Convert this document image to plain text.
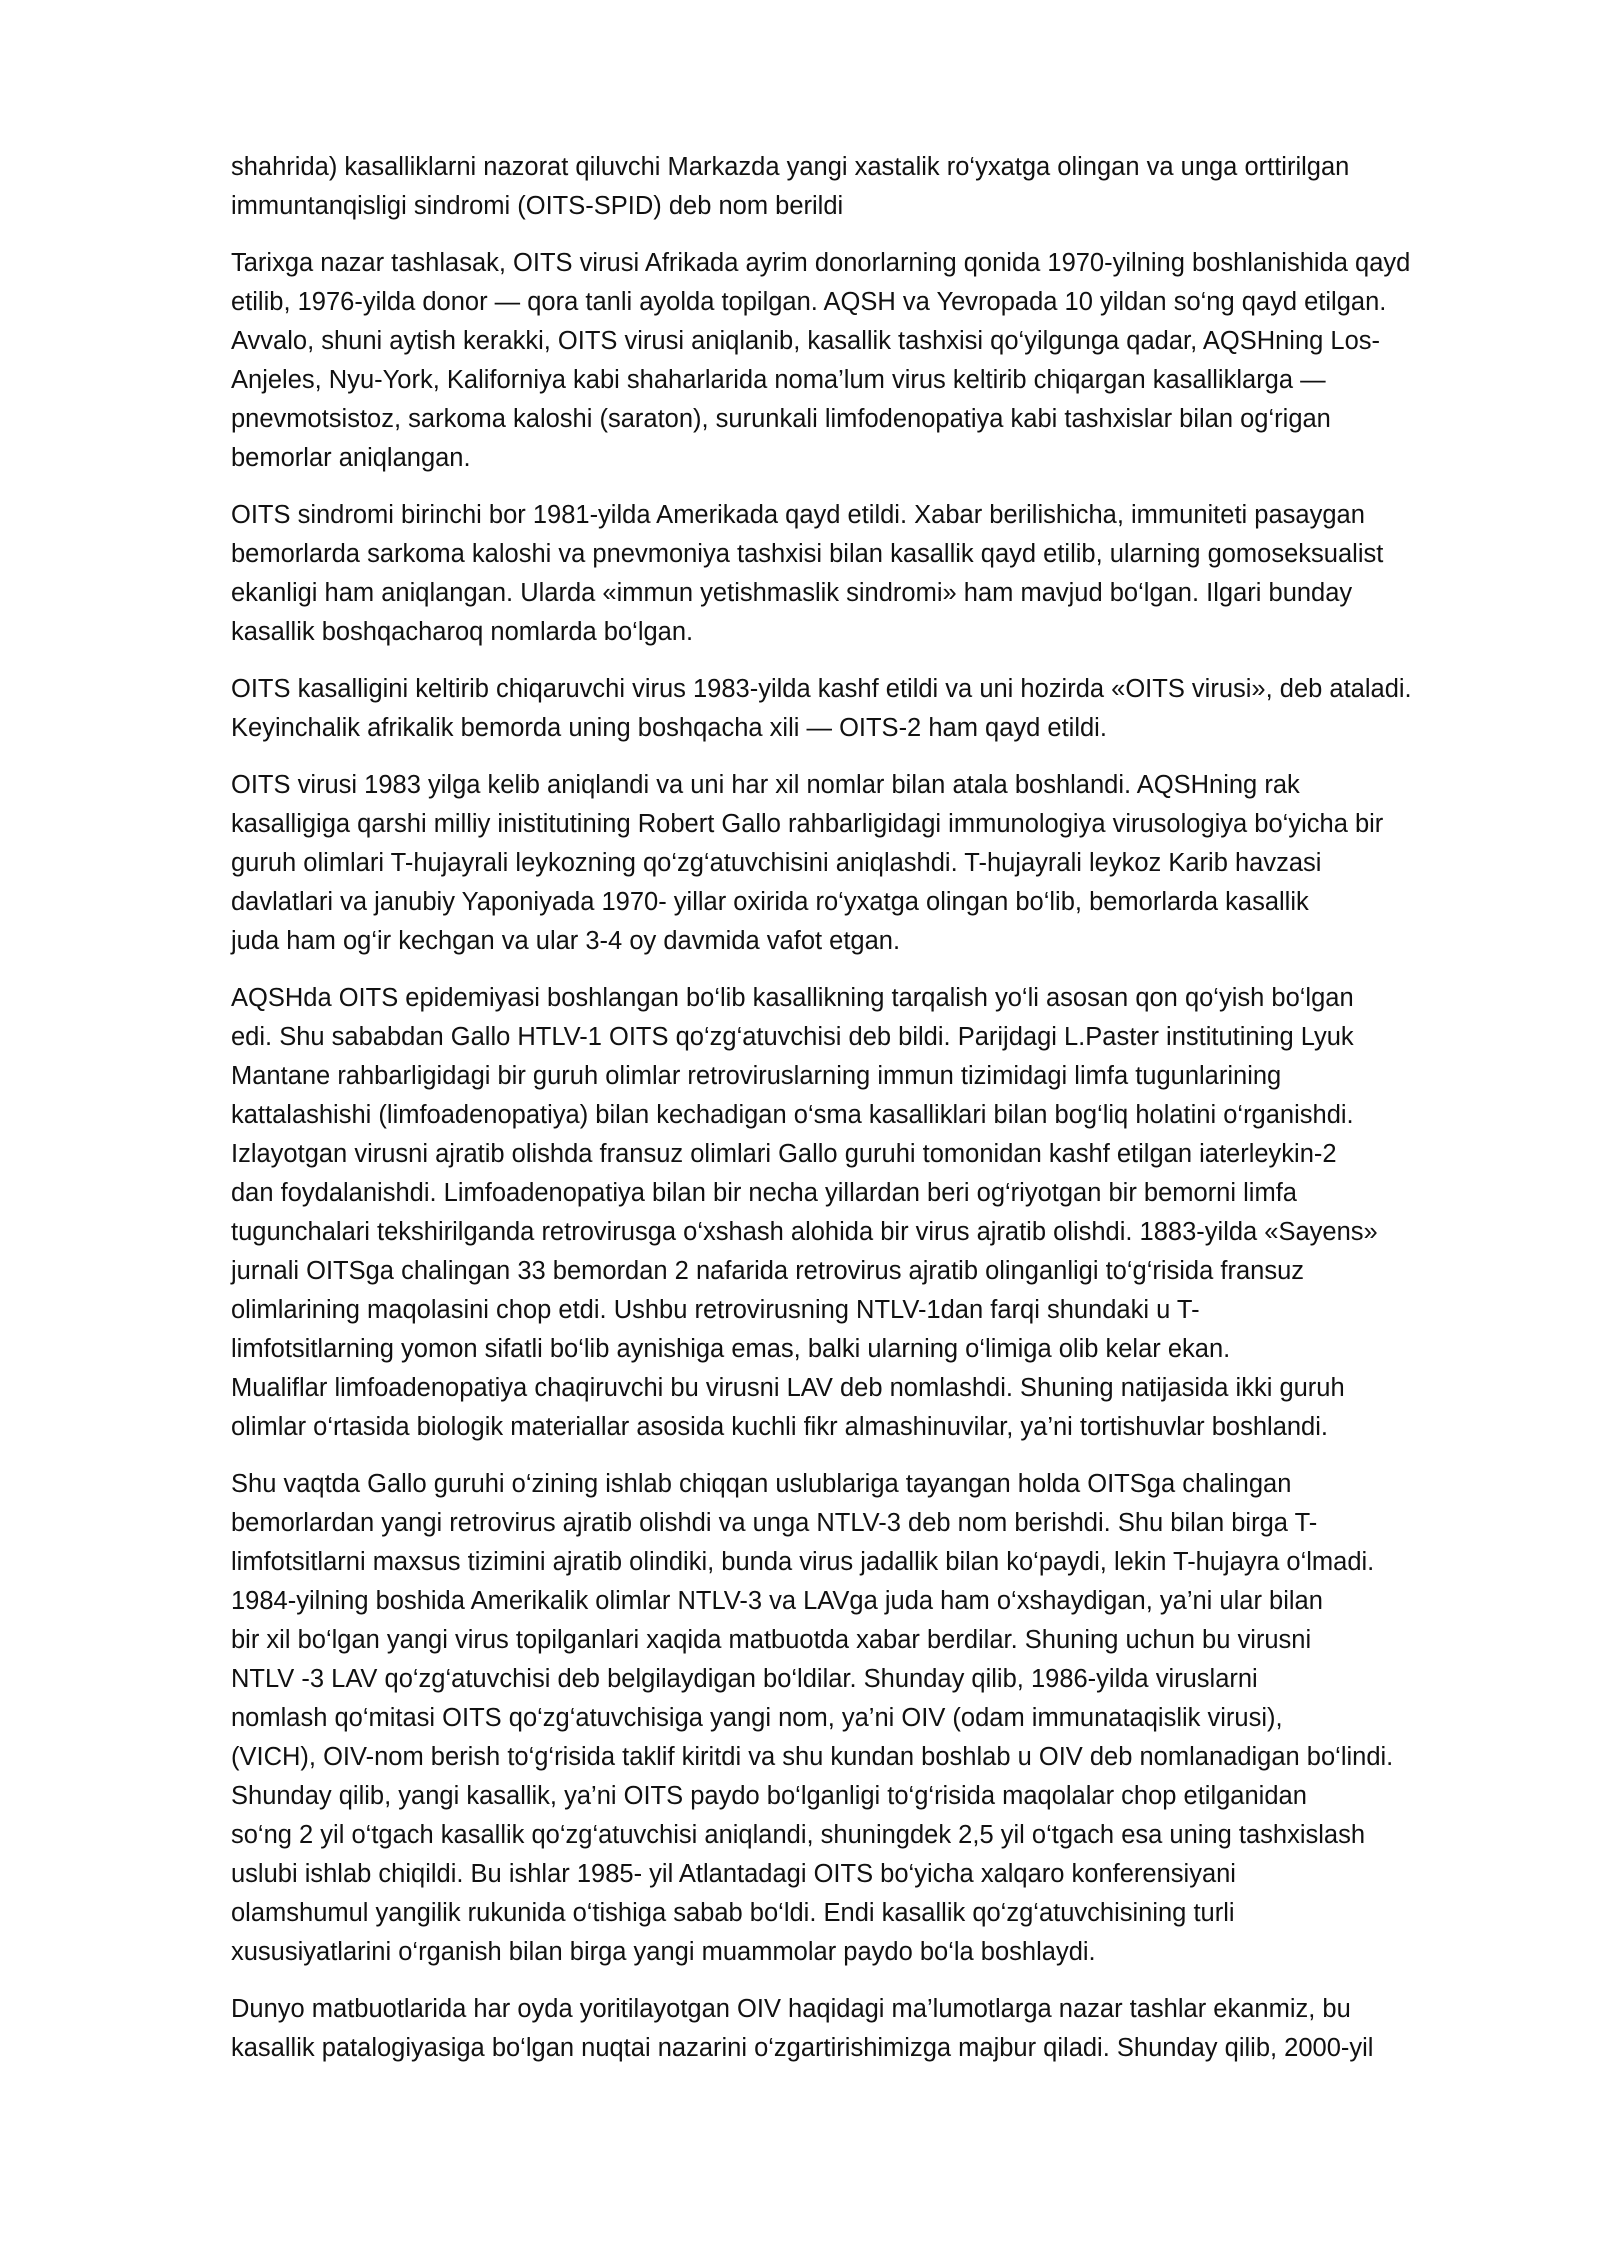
shahrida) kasalliklarni nazorat qiluvchi Markazda yangi xastalik ro‘yxatga olingan va unga orttirilgan
immuntanqisligi sindromi (OITS-SPID) deb nom berildi

Tarixga nazar tashlasak, OITS virusi Afrikada ayrim donorlarning qonida 1970-yilning boshlanishida qayd
etilib, 1976-yilda donor — qora tanli ayolda topilgan. AQSH va Yevropada 10 yildan so‘ng qayd etilgan.
Avvalo, shuni aytish kerakki, OITS virusi aniqlanib, kasallik tashxisi qo‘yilgunga qadar, AQSHning Los-
Anjeles, Nyu-York, Kaliforniya kabi shaharlarida noma’lum virus keltirib chiqargan kasalliklarga —
pnevmotsistoz, sarkoma kaloshi (saraton), surunkali limfodenopatiya kabi tashxislar bilan og‘rigan
bemorlar aniqlangan.

OITS sindromi birinchi bor 1981-yilda Amerikada qayd etildi. Xabar berilishicha, immuniteti pasaygan
bemorlarda sarkoma kaloshi va pnevmoniya tashxisi bilan kasallik qayd etilib, ularning gomoseksualist
ekanligi ham aniqlangan. Ularda «immun yetishmaslik sindromi» ham mavjud bo‘lgan. Ilgari bunday
kasallik boshqacharoq nomlarda bo‘lgan.

OITS kasalligini keltirib chiqaruvchi virus 1983-yilda kashf etildi va uni hozirda «OITS virusi», deb ataladi.
Keyinchalik afrikalik bemorda uning boshqacha xili — OITS-2 ham qayd etildi.

OITS virusi 1983 yilga kelib aniqlandi va uni har xil nomlar bilan atala boshlandi. AQSHning rak
kasalligiga qarshi milliy inistitutining Robert Gallo rahbarligidagi immunologiya virusologiya bo‘yicha bir
guruh olimlari T-hujayrali leykozning qo‘zg‘atuvchisini aniqlashdi. T-hujayrali leykoz Karib havzasi
davlatlari va janubiy Yaponiyada 1970- yillar oxirida ro‘yxatga olingan bo‘lib, bemorlarda kasallik
juda ham og‘ir kechgan va ular 3-4 oy davmida vafot etgan.

AQSHda OITS epidemiyasi boshlangan bo‘lib kasallikning tarqalish yo‘li asosan qon qo‘yish bo‘lgan
edi. Shu sababdan Gallo HTLV-1 OITS qo‘zg‘atuvchisi deb bildi. Parijdagi L.Paster institutining Lyuk
Mantane rahbarligidagi bir guruh olimlar retroviruslarning immun tizimidagi limfa tugunlarining
kattalashishi (limfoadenopatiya) bilan kechadigan o‘sma kasalliklari bilan bog‘liq holatini o‘rganishdi.
Izlayotgan virusni ajratib olishda fransuz olimlari Gallo guruhi tomonidan kashf etilgan iaterleykin-2
dan foydalanishdi. Limfoadenopatiya bilan bir necha yillardan beri og‘riyotgan bir bemorni limfa
tugunchalari tekshirilganda retrovirusga o‘xshash alohida bir virus ajratib olishdi. 1883-yilda «Sayens»
jurnali OITSga chalingan 33 bemordan 2 nafarida retrovirus ajratib olinganligi to‘g‘risida fransuz
olimlarining maqolasini chop etdi. Ushbu retrovirusning NTLV-1dan farqi shundaki u T-
limfotsitlarning yomon sifatli bo‘lib aynishiga emas, balki ularning o‘limiga olib kelar ekan.
Mualiflar limfoadenopatiya chaqiruvchi bu virusni LAV deb nomlashdi. Shuning natijasida ikki guruh
olimlar o‘rtasida biologik materiallar asosida kuchli fikr almashinuvilar, ya’ni tortishuvlar boshlandi.

Shu vaqtda Gallo guruhi o‘zining ishlab chiqqan uslublariga tayangan holda OITSga chalingan
bemorlardan yangi retrovirus ajratib olishdi va unga NTLV-3 deb nom berishdi. Shu bilan birga T-
limfotsitlarni maxsus tizimini ajratib olindiki, bunda virus jadallik bilan ko‘paydi, lekin T-hujayra o‘lmadi.
1984-yilning boshida Amerikalik olimlar NTLV-3 va LAVga juda ham o‘xshaydigan, ya’ni ular bilan
bir xil bo‘lgan yangi virus topilganlari xaqida matbuotda xabar berdilar. Shuning uchun bu virusni
NTLV -3 LAV qo‘zg‘atuvchisi deb belgilaydigan bo‘ldilar. Shunday qilib, 1986-yilda viruslarni
nomlash qo‘mitasi OITS qo‘zg‘atuvchisiga yangi nom, ya’ni OIV (odam immunataqislik virusi),
(VICH), OIV-nom berish to‘g‘risida taklif kiritdi va shu kundan boshlab u OIV deb nomlanadigan bo‘lindi.
Shunday qilib, yangi kasallik, ya’ni OITS paydo bo‘lganligi to‘g‘risida maqolalar chop etilganidan
so‘ng 2 yil o‘tgach kasallik qo‘zg‘atuvchisi aniqlandi, shuningdek 2,5 yil o‘tgach esa uning tashxislash
uslubi ishlab chiqildi. Bu ishlar 1985- yil Atlantadagi OITS bo‘yicha xalqaro konferensiyani
olamshumul yangilik rukunida o‘tishiga sabab bo‘ldi. Endi kasallik qo‘zg‘atuvchisining turli
xususiyatlarini o‘rganish bilan birga yangi muammolar paydo bo‘la boshlaydi.

Dunyo matbuotlarida har oyda yoritilayotgan OIV haqidagi ma’lumotlarga nazar tashlar ekanmiz, bu
kasallik patalogiyasiga bo‘lgan nuqtai nazarini o‘zgartirishimizga majbur qiladi. Shunday qilib, 2000-yil
